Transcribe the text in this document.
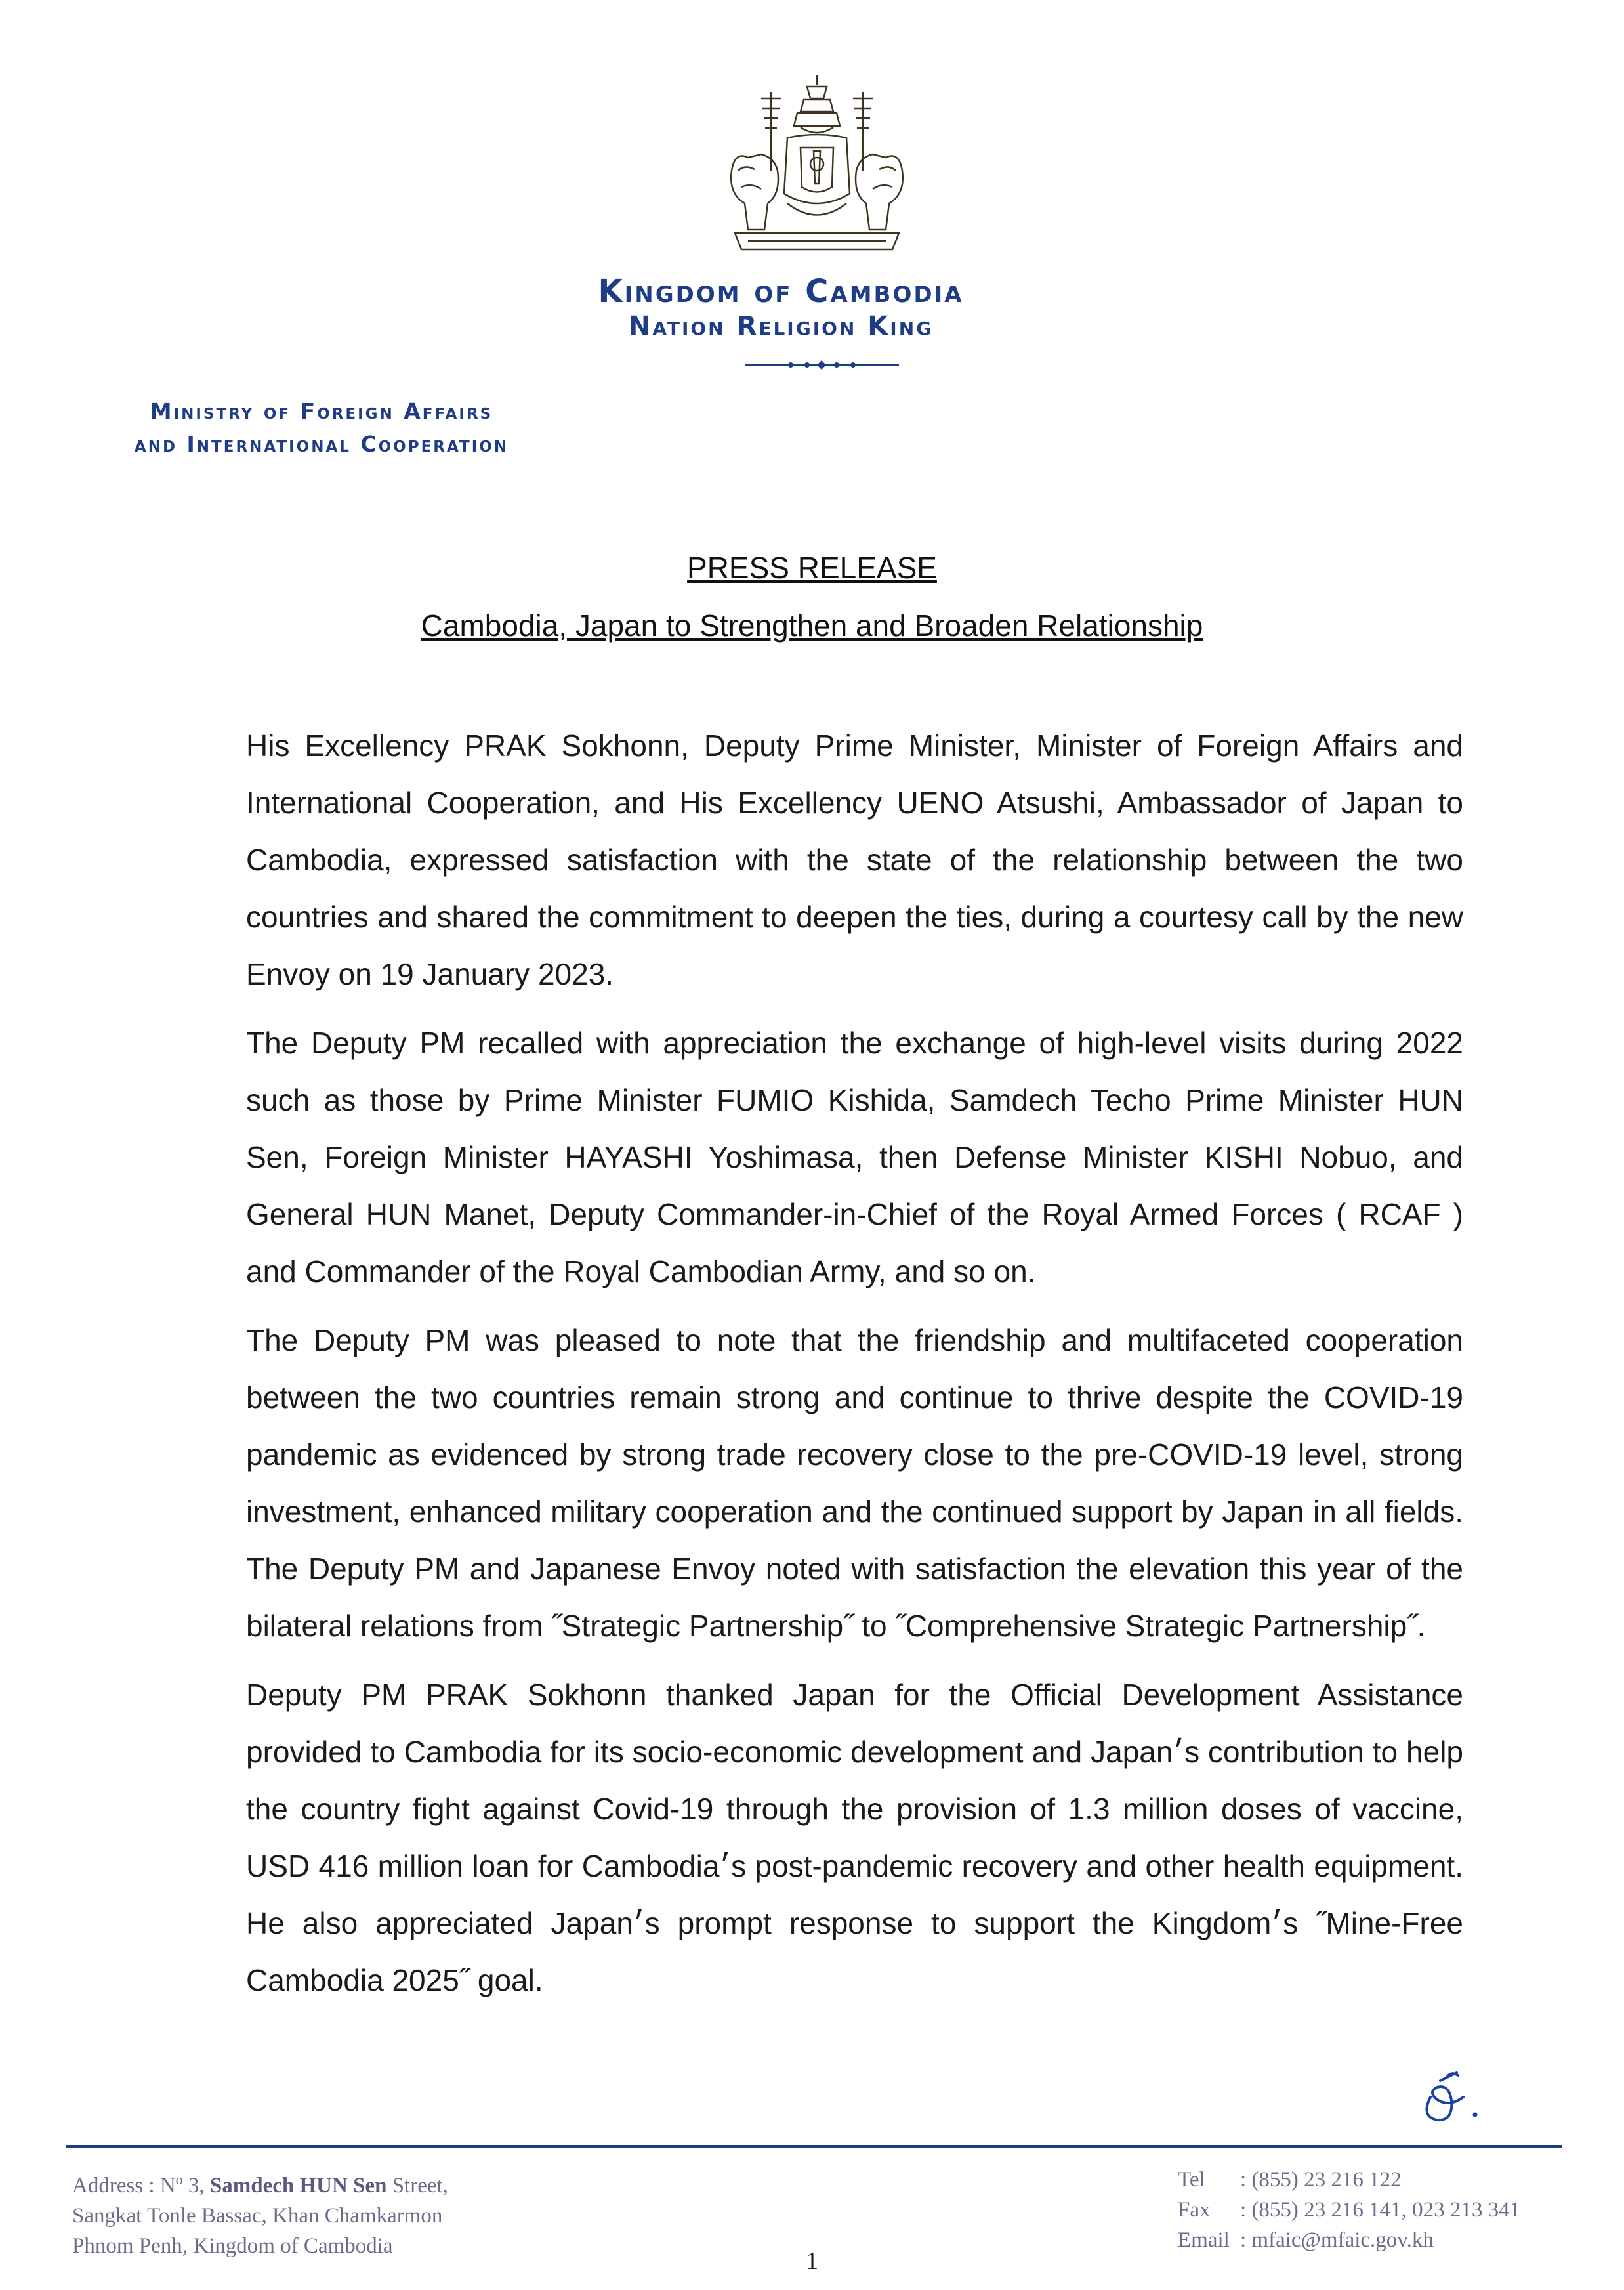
Kingdom of Cambodia
Nation Religion King
Ministry of Foreign Affairs
and International Cooperation
PRESS RELEASE
Cambodia, Japan to Strengthen and Broaden Relationship

His Excellency PRAK Sokhonn, Deputy Prime Minister, Minister of Foreign Affairs and International Cooperation, and His Excellency UENO Atsushi, Ambassador of Japan to Cambodia, expressed satisfaction with the state of the relationship between the two countries and shared the commitment to deepen the ties, during a courtesy call by the new Envoy on 19 January 2023.

The Deputy PM recalled with appreciation the exchange of high-level visits during 2022 such as those by Prime Minister FUMIO Kishida, Samdech Techo Prime Minister HUN Sen, Foreign Minister HAYASHI Yoshimasa, then Defense Minister KISHI Nobuo, and General HUN Manet, Deputy Commander-in-Chief of the Royal Armed Forces ( RCAF ) and Commander of the Royal Cambodian Army, and so on.

The Deputy PM was pleased to note that the friendship and multifaceted cooperation between the two countries remain strong and continue to thrive despite the COVID-19 pandemic as evidenced by strong trade recovery close to the pre-COVID-19 level, strong investment, enhanced military cooperation and the continued support by Japan in all fields. The Deputy PM and Japanese Envoy noted with satisfaction the elevation this year of the bilateral relations from ˝Strategic Partnership˝ to ˝Comprehensive Strategic Partnership˝.

Deputy PM PRAK Sokhonn thanked Japan for the Official Development Assistance provided to Cambodia for its socio-economic development and Japan׳s contribution to help the country fight against Covid-19 through the provision of 1.3 million doses of vaccine, USD 416 million loan for Cambodia׳s post-pandemic recovery and other health equipment. He also appreciated Japan׳s prompt response to support the Kingdom׳s ˝Mine-Free Cambodia 2025˝ goal.

Address : $N^o$ 3, Samdech HUN Sen Street,
Sangkat Tonle Bassac, Khan Chamkarmon
Phnom Penh, Kingdom of Cambodia
Tel : (855) 23 216 122
Fax : (855) 23 216 141, 023 213 341
Email : mfaic@mfaic.gov.kh
1
